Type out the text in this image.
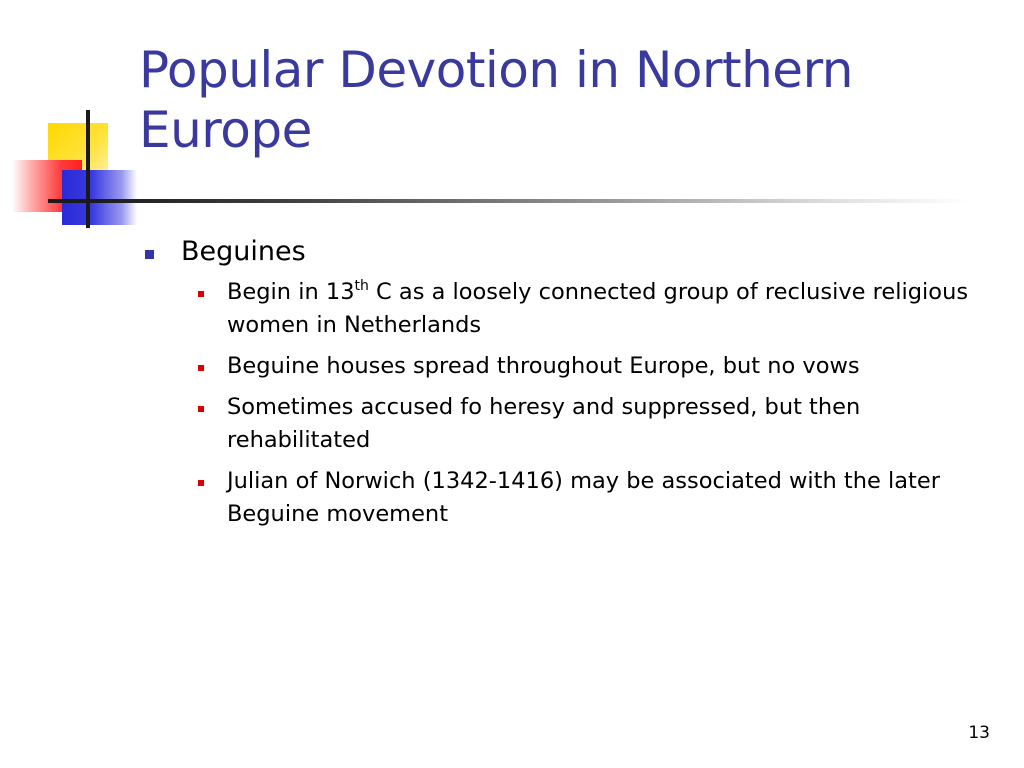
Popular Devotion in Northern Europe
Beguines
Begin in 13th C as a loosely connected group of reclusive religious women in Netherlands
Beguine houses spread throughout Europe, but no vows
Sometimes accused fo heresy and suppressed, but then rehabilitated
Julian of Norwich (1342-1416) may be associated with the later Beguine movement
13
